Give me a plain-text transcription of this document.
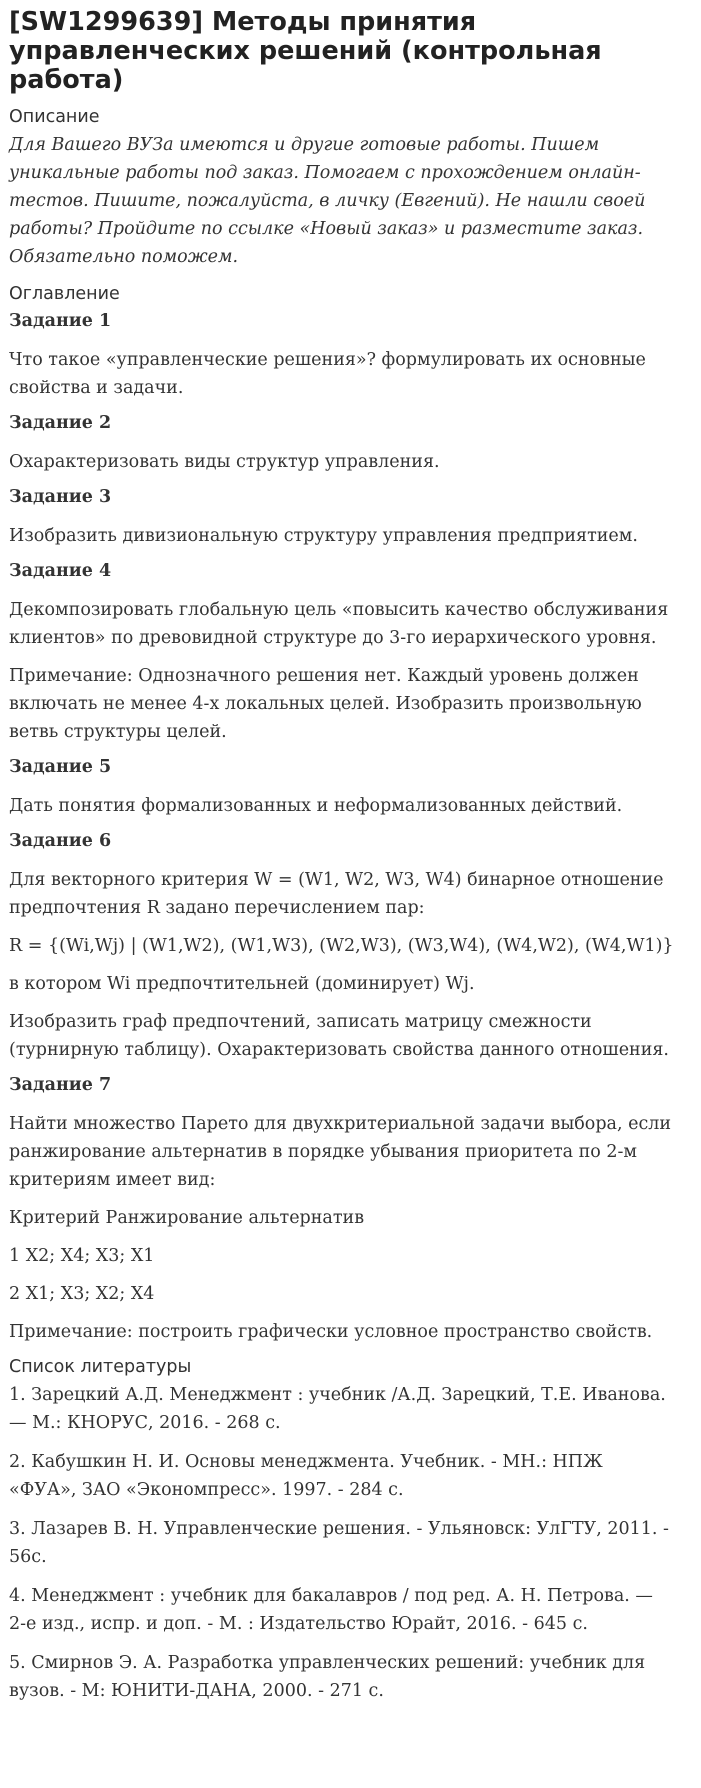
[SW1299639] Методы принятия управленческих решений (контрольная работа)
Описание
Для Вашего ВУЗа имеются и другие готовые работы. Пишем уникальные работы под заказ. Помогаем с прохождением онлайн-тестов. Пишите, пожалуйста, в личку (Евгений). Не нашли своей работы? Пройдите по ссылке «Новый заказ» и разместите заказ. Обязательно поможем.
Оглавление
Задание 1
Что такое «управленческие решения»? формулировать их основные свойства и задачи.
Задание 2
Охарактеризовать виды структур управления.
Задание 3
Изобразить дивизиональную структуру управления предприятием.
Задание 4
Декомпозировать глобальную цель «повысить качество обслуживания клиентов» по древовидной структуре до 3-го иерархического уровня.
Примечание: Однозначного решения нет. Каждый уровень должен включать не менее 4-х локальных целей. Изобразить произвольную ветвь структуры целей.
Задание 5
Дать понятия формализованных и неформализованных действий.
Задание 6
Для векторного критерия W = (W1, W2, W3, W4) бинарное отношение предпочтения R задано перечислением пар:
R = {(Wi,Wj) | (W1,W2), (W1,W3), (W2,W3), (W3,W4), (W4,W2), (W4,W1)}
в котором Wi предпочтительней (доминирует) Wj.
Изобразить граф предпочтений, записать матрицу смежности (турнирную таблицу). Охарактеризовать свойства данного отношения.
Задание 7
Найти множество Парето для двухкритериальной задачи выбора, если ранжирование альтернатив в порядке убывания приоритета по 2-м критериям имеет вид:
Критерий Ранжирование альтернатив
1 X2; X4; X3; X1
2 X1; X3; X2; X4
Примечание: построить графически условное пространство свойств.
Список литературы
1. Зарецкий А.Д. Менеджмент : учебник /А.Д. Зарецкий, Т.Е. Иванова. — М.: КНОРУС, 2016. - 268 с.
2. Кабушкин Н. И. Основы менеджмента. Учебник. - МН.: НПЖ «ФУА», ЗАО «Экономпресс». 1997. - 284 с.
3. Лазарев В. Н. Управленческие решения. - Ульяновск: УлГТУ, 2011. - 56с.
4. Менеджмент : учебник для бакалавров / под ред. А. Н. Петрова. — 2-е изд., испр. и доп. - М. : Издательство Юрайт, 2016. - 645 с.
5. Смирнов Э. А. Разработка управленческих решений: учебник для вузов. - М: ЮНИТИ-ДАНА, 2000. - 271 с.
